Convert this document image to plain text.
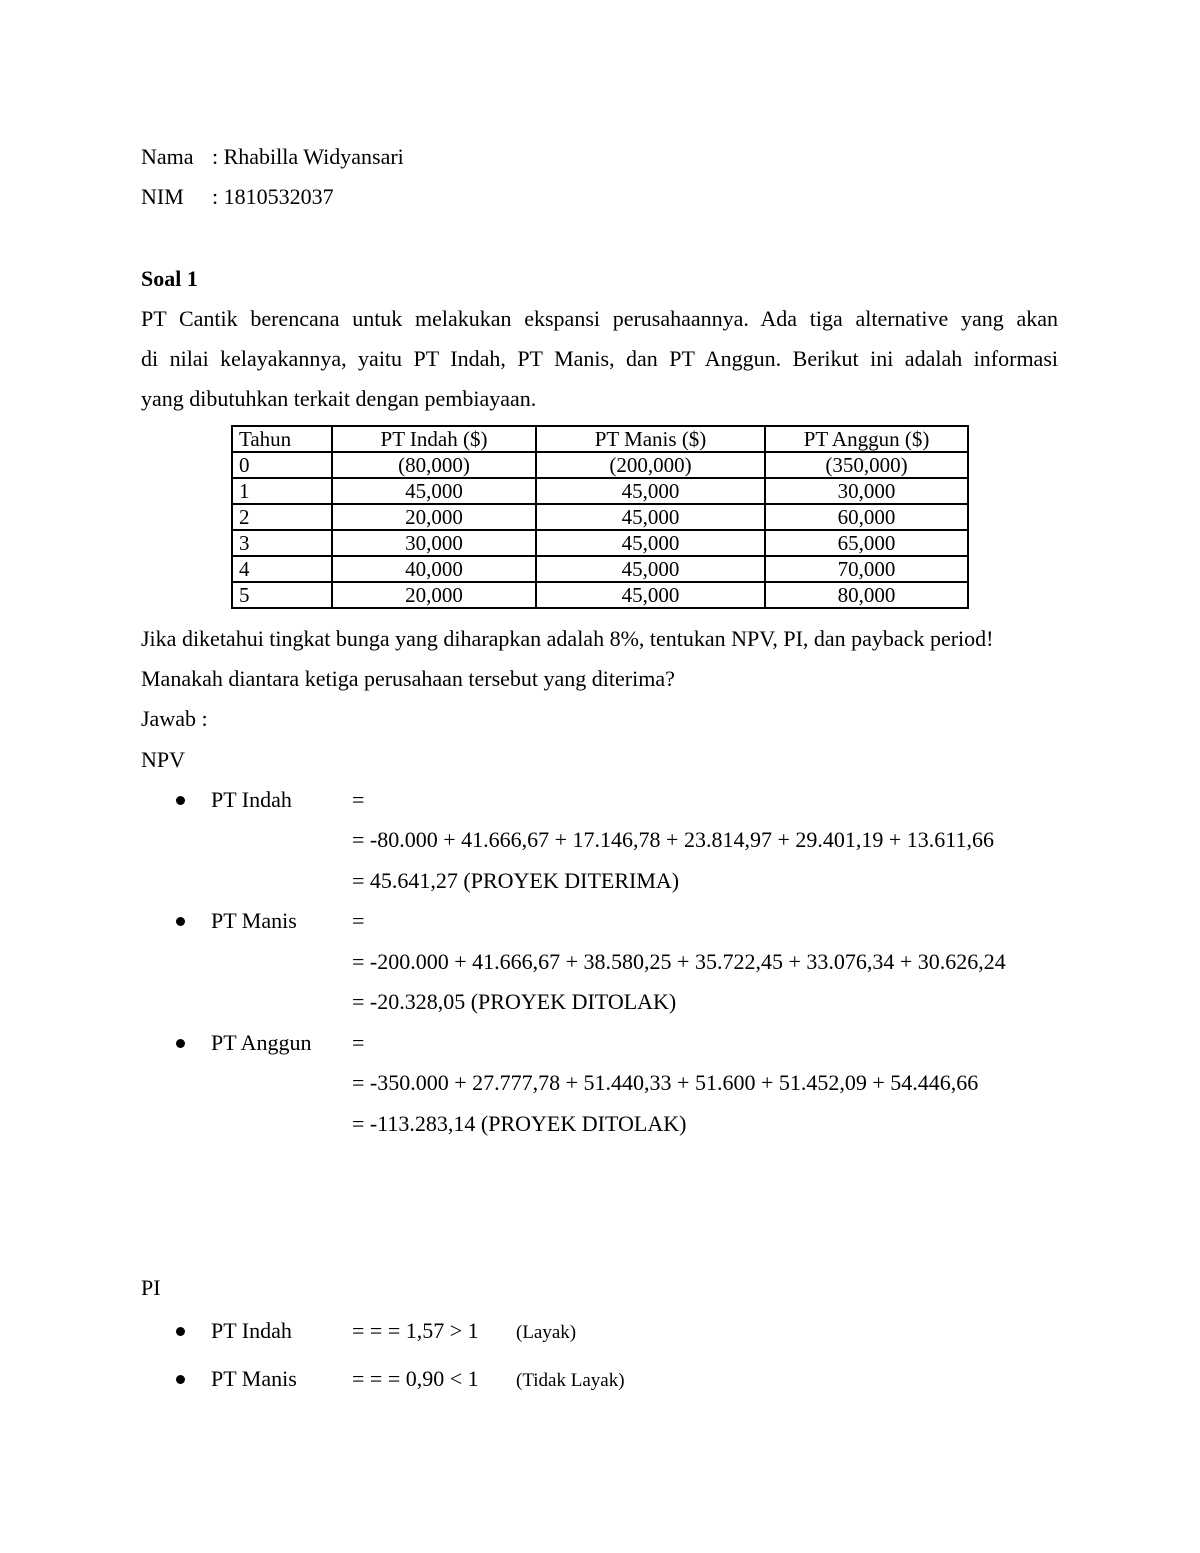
Nama : Rhabilla Widyansari
NIM : 1810532037
Soal 1
PT Cantik berencana untuk melakukan ekspansi perusahaannya. Ada tiga alternative yang akan
di nilai kelayakannya, yaitu PT Indah, PT Manis, dan PT Anggun. Berikut ini adalah informasi
yang dibutuhkan terkait dengan pembiayaan.
Tahun	PT Indah ($)	PT Manis ($)	PT Anggun ($)
0	(80,000)	(200,000)	(350,000)
1	45,000	45,000	30,000
2	20,000	45,000	60,000
3	30,000	45,000	65,000
4	40,000	45,000	70,000
5	20,000	45,000	80,000
Jika diketahui tingkat bunga yang diharapkan adalah 8%, tentukan NPV, PI, dan payback period!
Manakah diantara ketiga perusahaan tersebut yang diterima?
Jawab :
NPV
PT Indah	=
= -80.000 + 41.666,67 + 17.146,78 + 23.814,97 + 29.401,19 + 13.611,66
= 45.641,27 (PROYEK DITERIMA)
PT Manis	=
= -200.000 + 41.666,67 + 38.580,25 + 35.722,45 + 33.076,34 + 30.626,24
= -20.328,05 (PROYEK DITOLAK)
PT Anggun =
= -350.000 + 27.777,78 + 51.440,33 + 51.600 + 51.452,09 + 54.446,66
= -113.283,14 (PROYEK DITOLAK)
PI
PT Indah	= = = 1,57 > 1 (Layak)
PT Manis	= = = 0,90 < 1 (Tidak Layak)
